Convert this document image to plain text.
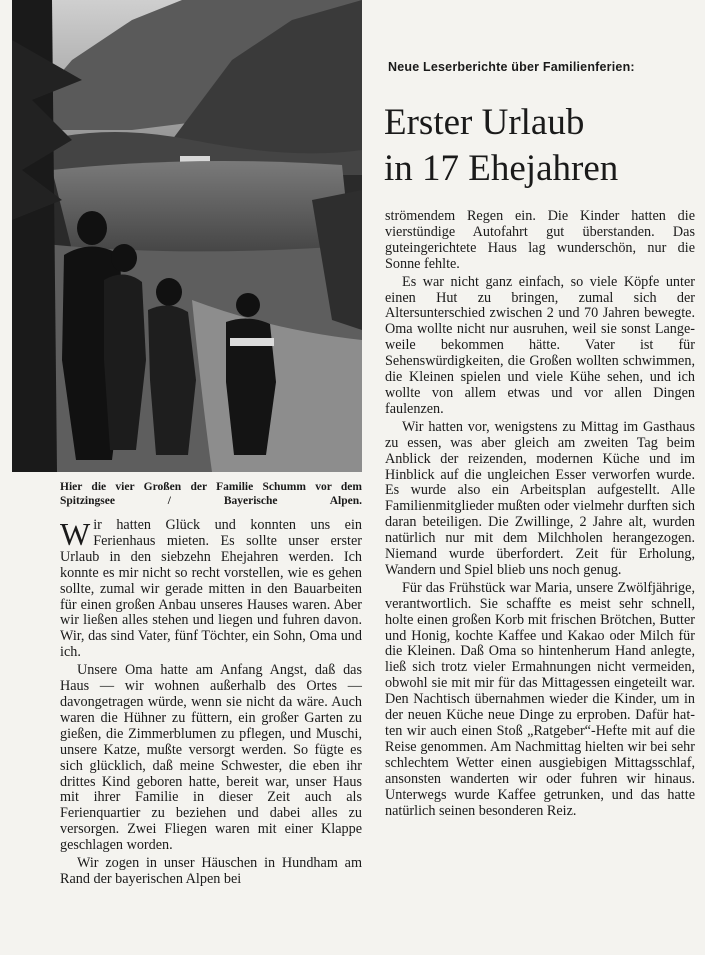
Hier die vier Großen der Familie Schumm vor dem Spitzingsee / Bayerische Alpen.
Neue Leserberichte über Familienferien:
Erster Urlaub
in 17 Ehejahren

Wir hatten Glück und konnten uns ein Ferienhaus mieten. Es sollte unser erster Urlaub in den siebzehn Ehejahren werden. Ich konnte es mir nicht so recht vorstellen, wie es gehen sollte, zumal wir gerade mitten in den Bauarbeiten für einen großen Anbau unseres Hauses waren. Aber wir ließen alles stehen und liegen und fuhren davon. Wir, das sind Vater, fünf Töchter, ein Sohn, Oma und ich.

Unsere Oma hatte am Anfang Angst, daß das Haus — wir wohnen außerhalb des Ortes — davongetragen würde, wenn sie nicht da wäre. Auch waren die Hühner zu füttern, ein großer Garten zu gießen, die Zimmerblumen zu pflegen, und Muschi, unsere Katze, mußte versorgt werden. So fügte es sich glücklich, daß meine Schwester, die eben ihr drittes Kind geboren hatte, bereit war, unser Haus mit ihrer Familie in dieser Zeit auch als Ferienquartier zu beziehen und dabei alles zu versorgen. Zwei Fliegen waren mit einer Klappe geschlagen worden.

Wir zogen in unser Häuschen in Hundham am Rand der bayerischen Alpen bei

strömendem Regen ein. Die Kinder hatten die vierstündige Autofahrt gut überstanden. Das guteingerichtete Haus lag wunderschön, nur die Sonne fehlte.

Es war nicht ganz einfach, so viele Köpfe unter einen Hut zu bringen, zumal sich der Altersunterschied zwischen 2 und 70 Jahren bewegte. Oma wollte nicht nur ausruhen, weil sie sonst Langeweile bekommen hätte. Vater ist für Sehenswürdigkeiten, die Großen wollten schwimmen, die Kleinen spielen und viele Kühe sehen, und ich wollte von allem etwas und vor allen Dingen faulenzen.

Wir hatten vor, wenigstens zu Mittag im Gasthaus zu essen, was aber gleich am zweiten Tag beim Anblick der reizenden, modernen Küche und im Hinblick auf die ungleichen Esser verworfen wurde. Es wurde also ein Arbeitsplan aufgestellt. Alle Familienmitglieder mußten oder vielmehr durften sich daran beteiligen. Die Zwillinge, 2 Jahre alt, wurden natürlich nur mit dem Milchholen herangezogen. Niemand wurde überfordert. Zeit für Erholung, Wandern und Spiel blieb uns noch genug.

Für das Frühstück war Maria, unsere Zwölfjährige, verantwortlich. Sie schaffte es meist sehr schnell, holte einen großen Korb mit frischen Brötchen, Butter und Honig, kochte Kaffee und Kakao oder Milch für die Kleinen. Daß Oma so hintenherum Hand anlegte, ließ sich trotz vieler Ermahnungen nicht vermeiden, obwohl sie mit mir für das Mittagessen eingeteilt war. Den Nachtisch übernahmen wieder die Kinder, um in der neuen Küche neue Dinge zu erproben. Dafür hatten wir auch einen Stoß „Ratgeber“-Hefte mit auf die Reise genommen. Am Nachmittag hielten wir bei sehr schlechtem Wetter einen ausgiebigen Mittagsschlaf, ansonsten wanderten wir oder fuhren wir hinaus. Unterwegs wurde Kaffee getrunken, und das hatte natürlich seinen besonderen Reiz.
